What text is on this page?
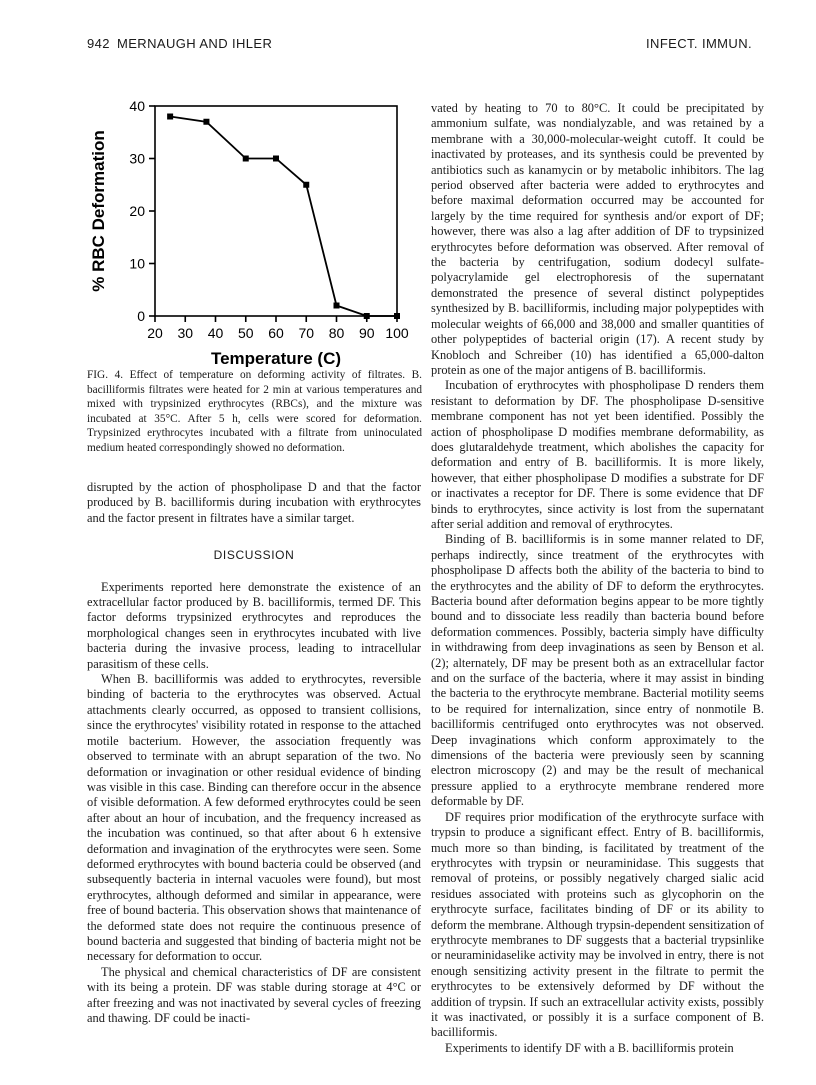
942 MERNAUGH AND IHLER	INFECT. IMMUN.
0
10
20
30
40
20 30 40 50 60 70 80 90 100
% RBC Deformation
Temperature (C)

FIG. 4. Effect of temperature on deforming activity of filtrates. B. bacilliformis filtrates were heated for 2 min at various temperatures and mixed with trypsinized erythrocytes (RBCs), and the mixture was incubated at 35°C. After 5 h, cells were scored for deformation. Trypsinized erythrocytes incubated with a filtrate from uninoculated medium heated correspondingly showed no deformation.

disrupted by the action of phospholipase D and that the factor produced by B. bacilliformis during incubation with erythrocytes and the factor present in filtrates have a similar target.

DISCUSSION

Experiments reported here demonstrate the existence of an extracellular factor produced by B. bacilliformis, termed DF. This factor deforms trypsinized erythrocytes and reproduces the morphological changes seen in erythrocytes incubated with live bacteria during the invasive process, leading to intracellular parasitism of these cells.

When B. bacilliformis was added to erythrocytes, reversible binding of bacteria to the erythrocytes was observed. Actual attachments clearly occurred, as opposed to transient collisions, since the erythrocytes' visibility rotated in response to the attached motile bacterium. However, the association frequently was observed to terminate with an abrupt separation of the two. No deformation or invagination or other residual evidence of binding was visible in this case. Binding can therefore occur in the absence of visible deformation. A few deformed erythrocytes could be seen after about an hour of incubation, and the frequency increased as the incubation was continued, so that after about 6 h extensive deformation and invagination of the erythrocytes were seen. Some deformed erythrocytes with bound bacteria could be observed (and subsequently bacteria in internal vacuoles were found), but most erythrocytes, although deformed and similar in appearance, were free of bound bacteria. This observation shows that maintenance of the deformed state does not require the continuous presence of bound bacteria and suggested that binding of bacteria might not be necessary for deformation to occur.

The physical and chemical characteristics of DF are consistent with its being a protein. DF was stable during storage at 4°C or after freezing and was not inactivated by several cycles of freezing and thawing. DF could be inacti-

vated by heating to 70 to 80°C. It could be precipitated by ammonium sulfate, was nondialyzable, and was retained by a membrane with a 30,000-molecular-weight cutoff. It could be inactivated by proteases, and its synthesis could be prevented by antibiotics such as kanamycin or by metabolic inhibitors. The lag period observed after bacteria were added to erythrocytes and before maximal deformation occurred may be accounted for largely by the time required for synthesis and/or export of DF; however, there was also a lag after addition of DF to trypsinized erythrocytes before deformation was observed. After removal of the bacteria by centrifugation, sodium dodecyl sulfate-polyacrylamide gel electrophoresis of the supernatant demonstrated the presence of several distinct polypeptides synthesized by B. bacilliformis, including major polypeptides with molecular weights of 66,000 and 38,000 and smaller quantities of other polypeptides of bacterial origin (17). A recent study by Knobloch and Schreiber (10) has identified a 65,000-dalton protein as one of the major antigens of B. bacilliformis.

Incubation of erythrocytes with phospholipase D renders them resistant to deformation by DF. The phospholipase D-sensitive membrane component has not yet been identified. Possibly the action of phospholipase D modifies membrane deformability, as does glutaraldehyde treatment, which abolishes the capacity for deformation and entry of B. bacilliformis. It is more likely, however, that either phospholipase D modifies a substrate for DF or inactivates a receptor for DF. There is some evidence that DF binds to erythrocytes, since activity is lost from the supernatant after serial addition and removal of erythrocytes.

Binding of B. bacilliformis is in some manner related to DF, perhaps indirectly, since treatment of the erythrocytes with phospholipase D affects both the ability of the bacteria to bind to the erythrocytes and the ability of DF to deform the erythrocytes. Bacteria bound after deformation begins appear to be more tightly bound and to dissociate less readily than bacteria bound before deformation commences. Possibly, bacteria simply have difficulty in withdrawing from deep invaginations as seen by Benson et al. (2); alternately, DF may be present both as an extracellular factor and on the surface of the bacteria, where it may assist in binding the bacteria to the erythrocyte membrane. Bacterial motility seems to be required for internalization, since entry of nonmotile B. bacilliformis centrifuged onto erythrocytes was not observed. Deep invaginations which conform approximately to the dimensions of the bacteria were previously seen by scanning electron microscopy (2) and may be the result of mechanical pressure applied to a erythrocyte membrane rendered more deformable by DF.

DF requires prior modification of the erythrocyte surface with trypsin to produce a significant effect. Entry of B. bacilliformis, much more so than binding, is facilitated by treatment of the erythrocytes with trypsin or neuraminidase. This suggests that removal of proteins, or possibly negatively charged sialic acid residues associated with proteins such as glycophorin on the erythrocyte surface, facilitates binding of DF or its ability to deform the membrane. Although trypsin-dependent sensitization of erythrocyte membranes to DF suggests that a bacterial trypsinlike or neuraminidaselike activity may be involved in entry, there is not enough sensitizing activity present in the filtrate to permit the erythrocytes to be extensively deformed by DF without the addition of trypsin. If such an extracellular activity exists, possibly it was inactivated, or possibly it is a surface component of B. bacilliformis.

Experiments to identify DF with a B. bacilliformis protein
